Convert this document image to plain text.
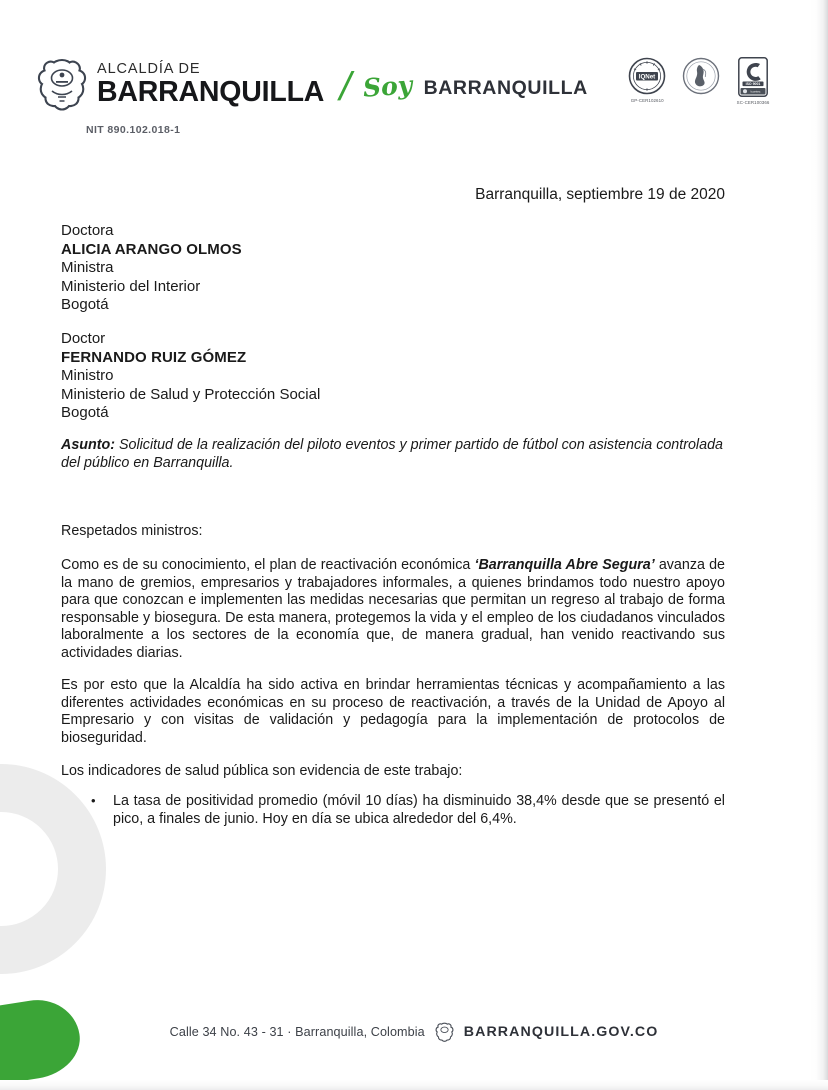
ALCALDÍA DE
BARRANQUILLA / Soy BARRANQUILLA
NIT 890.102.018-1
IQNet
GP-CER102610
ISO 9001
Icontec
SC-CER100366
Barranquilla, septiembre 19 de 2020
Doctora
ALICIA ARANGO OLMOS
Ministra
Ministerio del Interior
Bogotá
Doctor
FERNANDO RUIZ GÓMEZ
Ministro
Ministerio de Salud y Protección Social
Bogotá
Asunto: Solicitud de la realización del piloto eventos y primer partido de fútbol con asistencia controlada del público en Barranquilla.
Respetados ministros:
Como es de su conocimiento, el plan de reactivación económica ‘Barranquilla Abre Segura’ avanza de la mano de gremios, empresarios y trabajadores informales, a quienes brindamos todo nuestro apoyo para que conozcan e implementen las medidas necesarias que permitan un regreso al trabajo de forma responsable y biosegura. De esta manera, protegemos la vida y el empleo de los ciudadanos vinculados laboralmente a los sectores de la economía que, de manera gradual, han venido reactivando sus actividades diarias.
Es por esto que la Alcaldía ha sido activa en brindar herramientas técnicas y acompañamiento a las diferentes actividades económicas en su proceso de reactivación, a través de la Unidad de Apoyo al Empresario y con visitas de validación y pedagogía para la implementación de protocolos de bioseguridad.
Los indicadores de salud pública son evidencia de este trabajo:
• La tasa de positividad promedio (móvil 10 días) ha disminuido 38,4% desde que se presentó el pico, a finales de junio. Hoy en día se ubica alrededor del 6,4%.
Calle 34 No. 43 - 31 · Barranquilla, Colombia	BARRANQUILLA.GOV.CO
